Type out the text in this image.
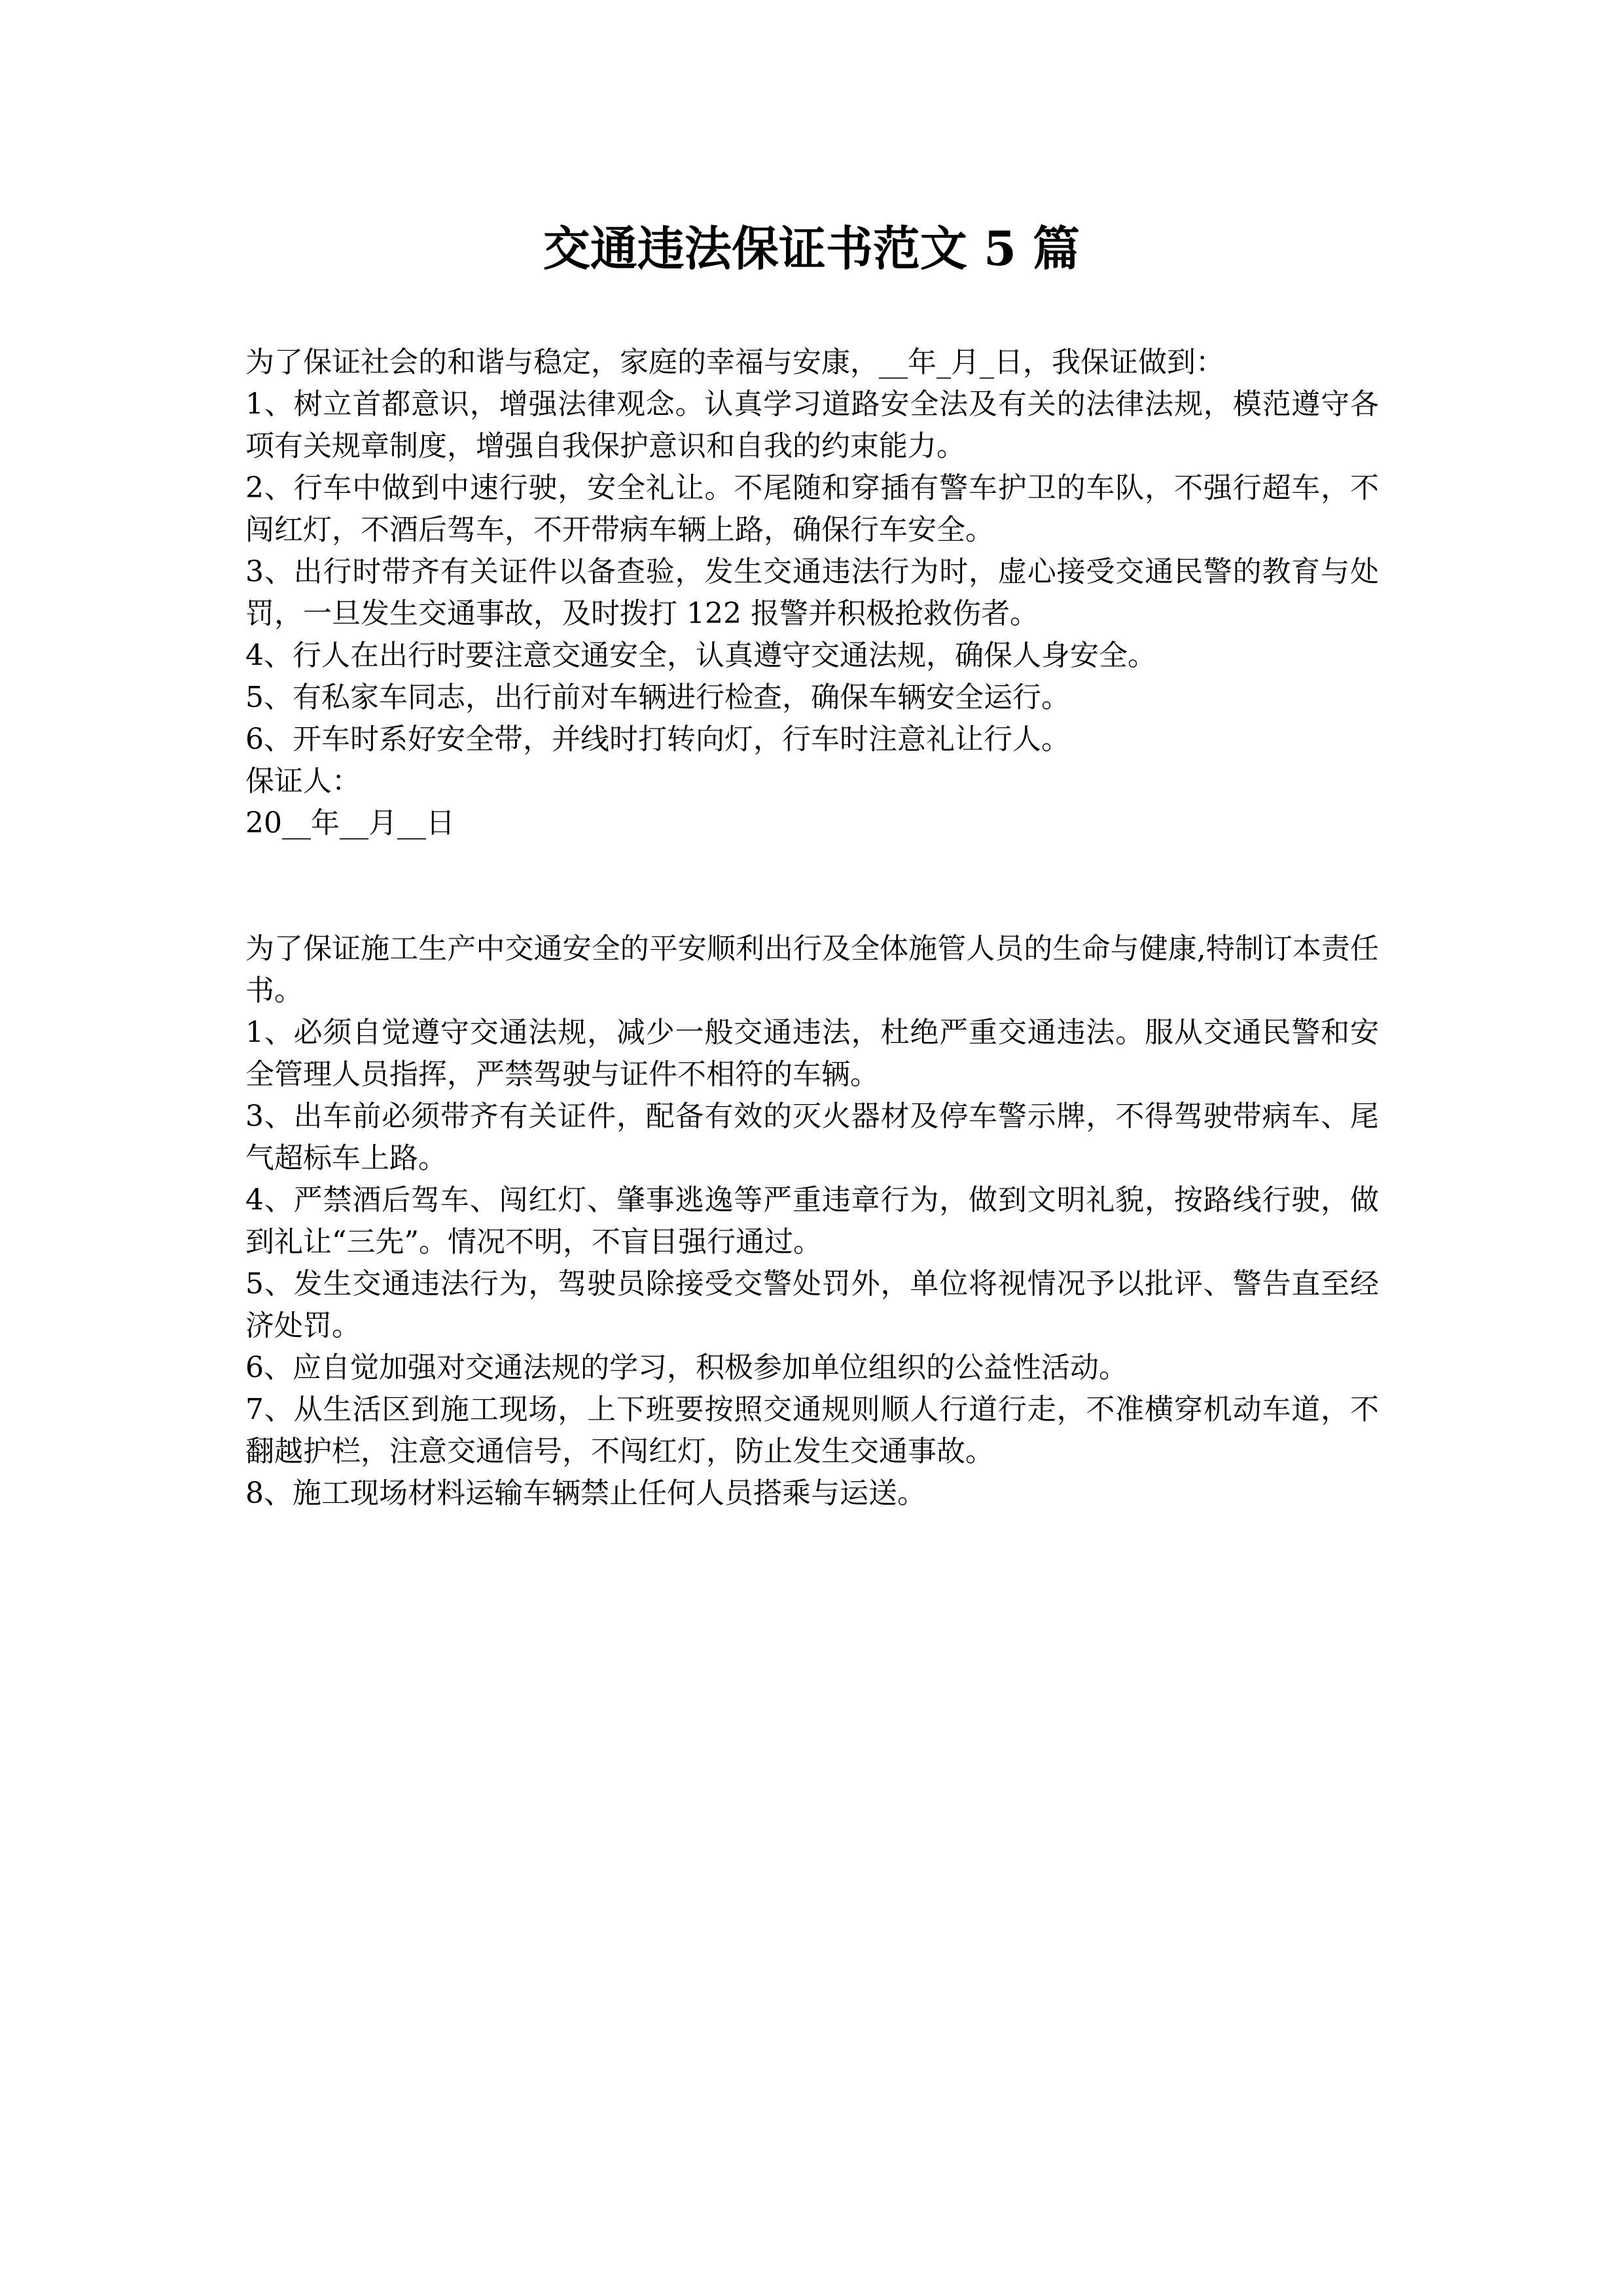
交通违法保证书范文 5 篇

为了保证社会的和谐与稳定，家庭的幸福与安康，__年_月_日，我保证做到：

1、树立首都意识，增强法律观念。认真学习道路安全法及有关的法律法规，模范遵守各项有关规章制度，增强自我保护意识和自我的约束能力。

2、行车中做到中速行驶，安全礼让。不尾随和穿插有警车护卫的车队，不强行超车，不闯红灯，不酒后驾车，不开带病车辆上路，确保行车安全。

3、出行时带齐有关证件以备查验，发生交通违法行为时，虚心接受交通民警的教育与处罚，一旦发生交通事故，及时拨打 122 报警并积极抢救伤者。

4、行人在出行时要注意交通安全，认真遵守交通法规，确保人身安全。

5、有私家车同志，出行前对车辆进行检查，确保车辆安全运行。

6、开车时系好安全带，并线时打转向灯，行车时注意礼让行人。

保证人：

20__年__月__日

为了保证施工生产中交通安全的平安顺利出行及全体施管人员的生命与健康,特制订本责任书。

1、必须自觉遵守交通法规，减少一般交通违法，杜绝严重交通违法。服从交通民警和安全管理人员指挥，严禁驾驶与证件不相符的车辆。

3、出车前必须带齐有关证件，配备有效的灭火器材及停车警示牌，不得驾驶带病车、尾气超标车上路。

4、严禁酒后驾车、闯红灯、肇事逃逸等严重违章行为，做到文明礼貌，按路线行驶，做到礼让“三先”。情况不明，不盲目强行通过。

5、发生交通违法行为，驾驶员除接受交警处罚外，单位将视情况予以批评、警告直至经济处罚。

6、应自觉加强对交通法规的学习，积极参加单位组织的公益性活动。

7、从生活区到施工现场，上下班要按照交通规则顺人行道行走，不准横穿机动车道，不翻越护栏，注意交通信号，不闯红灯，防止发生交通事故。

8、施工现场材料运输车辆禁止任何人员搭乘与运送。
